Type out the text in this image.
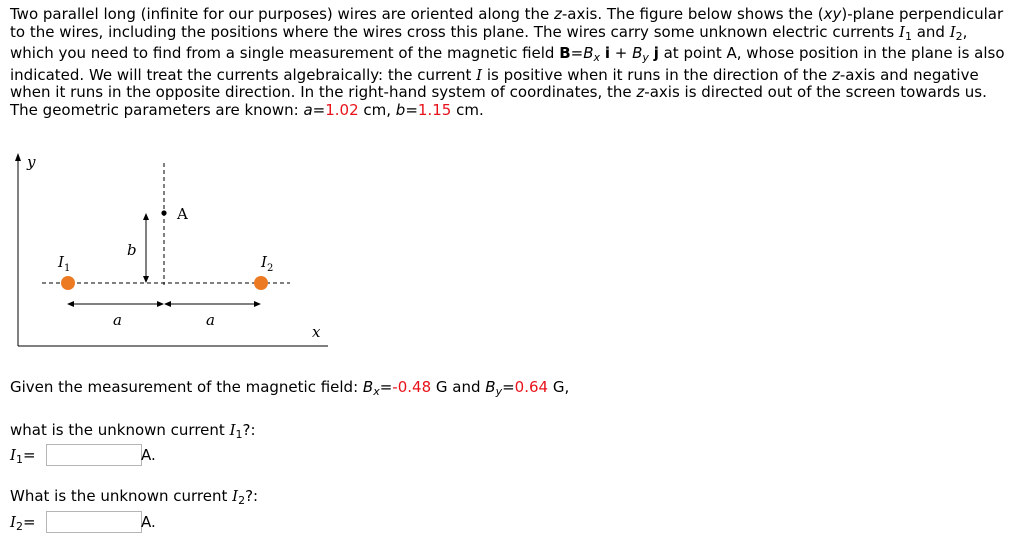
Two parallel long (infinite for our purposes) wires are oriented along the z-axis. The figure below shows the (xy)-plane perpendicular to the wires, including the positions where the wires cross this plane. The wires carry some unknown electric currents $I_1$ and $I_2$, which you need to find from a single measurement of the magnetic field $B=B_x$ $i + B_y$ j at point A, whose position in the plane is also indicated. We will treat the currents algebraically: the current I is positive when it runs in the direction of the z-axis and negative when it runs in the opposite direction. In the right-hand system of coordinates, the z-axis is directed out of the screen towards us. The geometric parameters are known: a=1.02 cm, b=1.15 cm.

y
x
b
A
$I_1$	$I_2$
a	a

Given the measurement of the magnetic field: $B_x=-0.48$ G and $B_y=0.64$ G,

what is the unknown current $I_1$?:

$I_1=$	A.

What is the unknown current $I_2$?:

$I_2=$	A.
